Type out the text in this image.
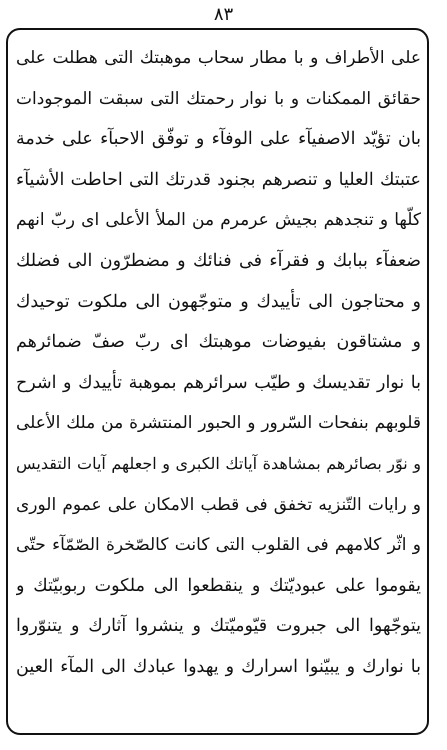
٨٣
علی الأطراف و با مطار سحاب موهبتك التی هطلت علی
حقائق الممکنات و با نوار رحمتك التی سبقت الموجودات
بان تؤیّد الاصفیآء علی الوفآء و توفّق الاحبآء علی خدمة
عتبتك العلیا و تنصرهم بجنود قدرتك التی احاطت الأشیآء
کلّها و تنجدهم بجیش عرمرم من الملأ الأعلی ای ربّ انهم
ضعفآء ببابك و فقرآء فی فنائك و مضطرّون الی فضلك
و محتاجون الی تأییدك و متوجّهون الی ملکوت توحیدك
و مشتاقون بفیوضات موهبتك ای ربّ صفّ ضمائرهم
با نوار تقدیسك و طیّب سرائرهم بموهبة تأییدك و اشرح
قلوبهم بنفحات السّرور و الحبور المنتشرة من ملك الأعلی
و نوّر بصائرهم بمشاهدة آیاتك الکبری و اجعلهم آیات التقدیس
و رایات التّنزیه تخفق فی قطب الامکان علی عموم الوری
و اثّر کلامهم فی القلوب التی کانت کالصّخرة الصّمّآء حتّی
یقوموا علی عبودیّتك و ینقطعوا الی ملکوت ربوبیّتك و
یتوجّهوا الی جبروت قیّومیّتك و ینشروا آثارك و یتنوّروا
با نوارك و یبیّنوا اسرارك و یهدوا عبادك الی المآء العین
